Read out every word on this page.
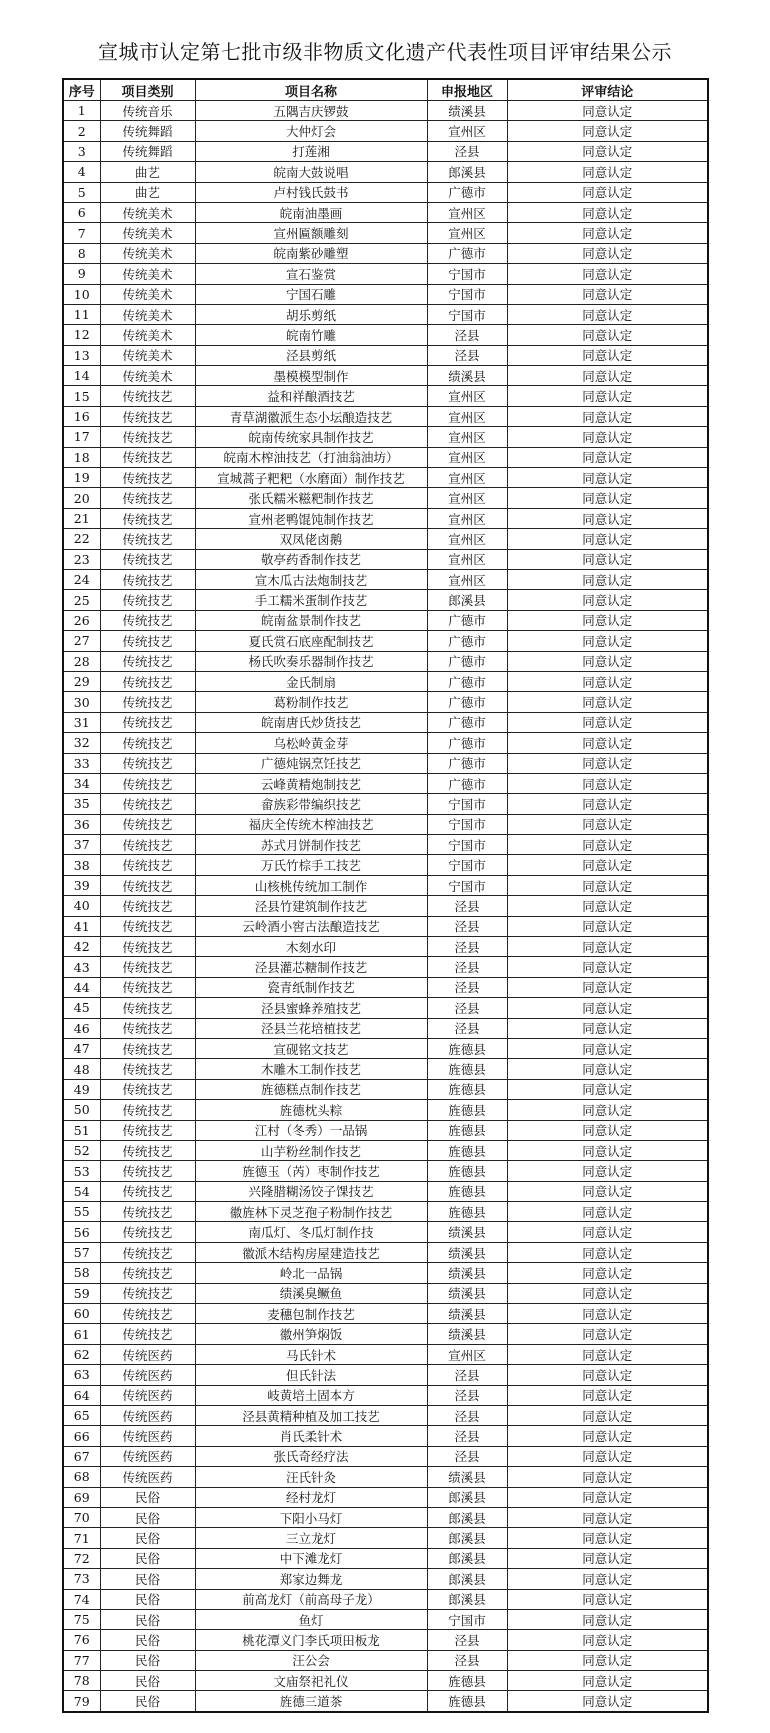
宣城市认定第七批市级非物质文化遗产代表性项目评审结果公示
序号	项目类别	项目名称	申报地区	评审结论
1	传统音乐	五隅吉庆锣鼓	绩溪县	同意认定
2	传统舞蹈	大仲灯会	宣州区	同意认定
3	传统舞蹈	打莲湘	泾县	同意认定
4	曲艺	皖南大鼓说唱	郎溪县	同意认定
5	曲艺	卢村钱氏鼓书	广德市	同意认定
6	传统美术	皖南油墨画	宣州区	同意认定
7	传统美术	宣州匾额雕刻	宣州区	同意认定
8	传统美术	皖南紫砂雕塑	广德市	同意认定
9	传统美术	宣石鉴赏	宁国市	同意认定
10	传统美术	宁国石雕	宁国市	同意认定
11	传统美术	胡乐剪纸	宁国市	同意认定
12	传统美术	皖南竹雕	泾县	同意认定
13	传统美术	泾县剪纸	泾县	同意认定
14	传统美术	墨模模型制作	绩溪县	同意认定
15	传统技艺	益和祥酿酒技艺	宣州区	同意认定
16	传统技艺	青草湖徽派生态小坛酿造技艺	宣州区	同意认定
17	传统技艺	皖南传统家具制作技艺	宣州区	同意认定
18	传统技艺	皖南木榨油技艺（打油翁油坊）	宣州区	同意认定
19	传统技艺	宣城蒿子粑粑（水磨面）制作技艺	宣州区	同意认定
20	传统技艺	张氏糯米糍粑制作技艺	宣州区	同意认定
21	传统技艺	宣州老鸭馄饨制作技艺	宣州区	同意认定
22	传统技艺	双凤佬卤鹅	宣州区	同意认定
23	传统技艺	敬亭药香制作技艺	宣州区	同意认定
24	传统技艺	宣木瓜古法炮制技艺	宣州区	同意认定
25	传统技艺	手工糯米蛋制作技艺	郎溪县	同意认定
26	传统技艺	皖南盆景制作技艺	广德市	同意认定
27	传统技艺	夏氏赏石底座配制技艺	广德市	同意认定
28	传统技艺	杨氏吹奏乐器制作技艺	广德市	同意认定
29	传统技艺	金氏制扇	广德市	同意认定
30	传统技艺	葛粉制作技艺	广德市	同意认定
31	传统技艺	皖南唐氏炒货技艺	广德市	同意认定
32	传统技艺	乌松岭黄金芽	广德市	同意认定
33	传统技艺	广德炖锅烹饪技艺	广德市	同意认定
34	传统技艺	云峰黄精炮制技艺	广德市	同意认定
35	传统技艺	畲族彩带编织技艺	宁国市	同意认定
36	传统技艺	福庆全传统木榨油技艺	宁国市	同意认定
37	传统技艺	苏式月饼制作技艺	宁国市	同意认定
38	传统技艺	万氏竹棕手工技艺	宁国市	同意认定
39	传统技艺	山核桃传统加工制作	宁国市	同意认定
40	传统技艺	泾县竹建筑制作技艺	泾县	同意认定
41	传统技艺	云岭酒小窖古法酿造技艺	泾县	同意认定
42	传统技艺	木刻水印	泾县	同意认定
43	传统技艺	泾县灌芯糖制作技艺	泾县	同意认定
44	传统技艺	瓷青纸制作技艺	泾县	同意认定
45	传统技艺	泾县蜜蜂养殖技艺	泾县	同意认定
46	传统技艺	泾县兰花培植技艺	泾县	同意认定
47	传统技艺	宣砚铭文技艺	旌德县	同意认定
48	传统技艺	木雕木工制作技艺	旌德县	同意认定
49	传统技艺	旌德糕点制作技艺	旌德县	同意认定
50	传统技艺	旌德枕头粽	旌德县	同意认定
51	传统技艺	江村（冬秀）一品锅	旌德县	同意认定
52	传统技艺	山芋粉丝制作技艺	旌德县	同意认定
53	传统技艺	旌德玉（芮）枣制作技艺	旌德县	同意认定
54	传统技艺	兴隆腊糊汤饺子馃技艺	旌德县	同意认定
55	传统技艺	徽旌林下灵芝孢子粉制作技艺	旌德县	同意认定
56	传统技艺	南瓜灯、冬瓜灯制作技	绩溪县	同意认定
57	传统技艺	徽派木结构房屋建造技艺	绩溪县	同意认定
58	传统技艺	岭北一品锅	绩溪县	同意认定
59	传统技艺	绩溪臭鳜鱼	绩溪县	同意认定
60	传统技艺	麦穗包制作技艺	绩溪县	同意认定
61	传统技艺	徽州笋焖饭	绩溪县	同意认定
62	传统医药	马氏针术	宣州区	同意认定
63	传统医药	但氏针法	泾县	同意认定
64	传统医药	岐黄培土固本方	泾县	同意认定
65	传统医药	泾县黄精种植及加工技艺	泾县	同意认定
66	传统医药	肖氏柔针术	泾县	同意认定
67	传统医药	张氏奇经疗法	泾县	同意认定
68	传统医药	汪氏针灸	绩溪县	同意认定
69	民俗	经村龙灯	郎溪县	同意认定
70	民俗	下阳小马灯	郎溪县	同意认定
71	民俗	三立龙灯	郎溪县	同意认定
72	民俗	中下滩龙灯	郎溪县	同意认定
73	民俗	郑家边舞龙	郎溪县	同意认定
74	民俗	前高龙灯（前高母子龙）	郎溪县	同意认定
75	民俗	鱼灯	宁国市	同意认定
76	民俗	桃花潭义门李氏项田板龙	泾县	同意认定
77	民俗	汪公会	泾县	同意认定
78	民俗	文庙祭祀礼仪	旌德县	同意认定
79	民俗	旌德三道茶	旌德县	同意认定
